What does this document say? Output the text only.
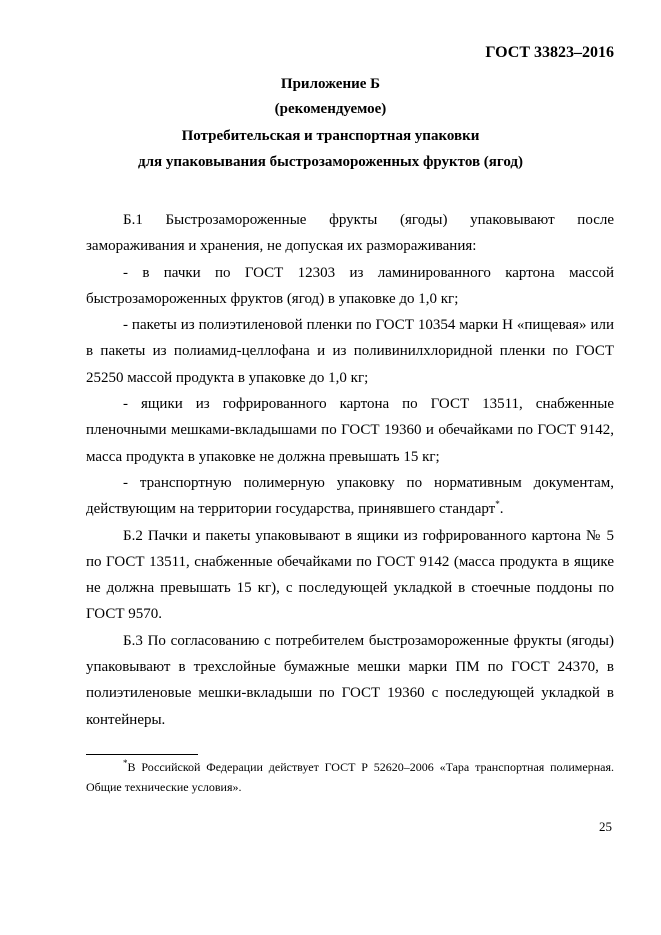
ГОСТ 33823–2016
Приложение Б
(рекомендуемое)
Потребительская и транспортная упаковки
для упаковывания быстрозамороженных фруктов (ягод)

Б.1 Быстрозамороженные фрукты (ягоды) упаковывают после замораживания и хранения, не допуская их размораживания:

- в пачки по ГОСТ 12303 из ламинированного картона массой быстрозамороженных фруктов (ягод) в упаковке до 1,0 кг;

- пакеты из полиэтиленовой пленки по ГОСТ 10354 марки Н «пищевая» или в пакеты из полиамид-целлофана и из поливинилхлоридной пленки по ГОСТ 25250 массой продукта в упаковке до 1,0 кг;

- ящики из гофрированного картона по ГОСТ 13511, снабженные пленочными мешками-вкладышами по ГОСТ 19360 и обечайками по ГОСТ 9142, масса продукта в упаковке не должна превышать 15 кг;

- транспортную полимерную упаковку по нормативным документам, действующим на территории государства, принявшего стандарт*.

Б.2 Пачки и пакеты упаковывают в ящики из гофрированного картона № 5 по ГОСТ 13511, снабженные обечайками по ГОСТ 9142 (масса продукта в ящике не должна превышать 15 кг), с последующей укладкой в стоечные поддоны по ГОСТ 9570.

Б.3 По согласованию с потребителем быстрозамороженные фрукты (ягоды) упаковывают в трехслойные бумажные мешки марки ПМ по ГОСТ 24370, в полиэтиленовые мешки-вкладыши по ГОСТ 19360 с последующей укладкой в контейнеры.

*В Российской Федерации действует ГОСТ Р 52620–2006 «Тара транспортная полимерная. Общие технические условия».
25
